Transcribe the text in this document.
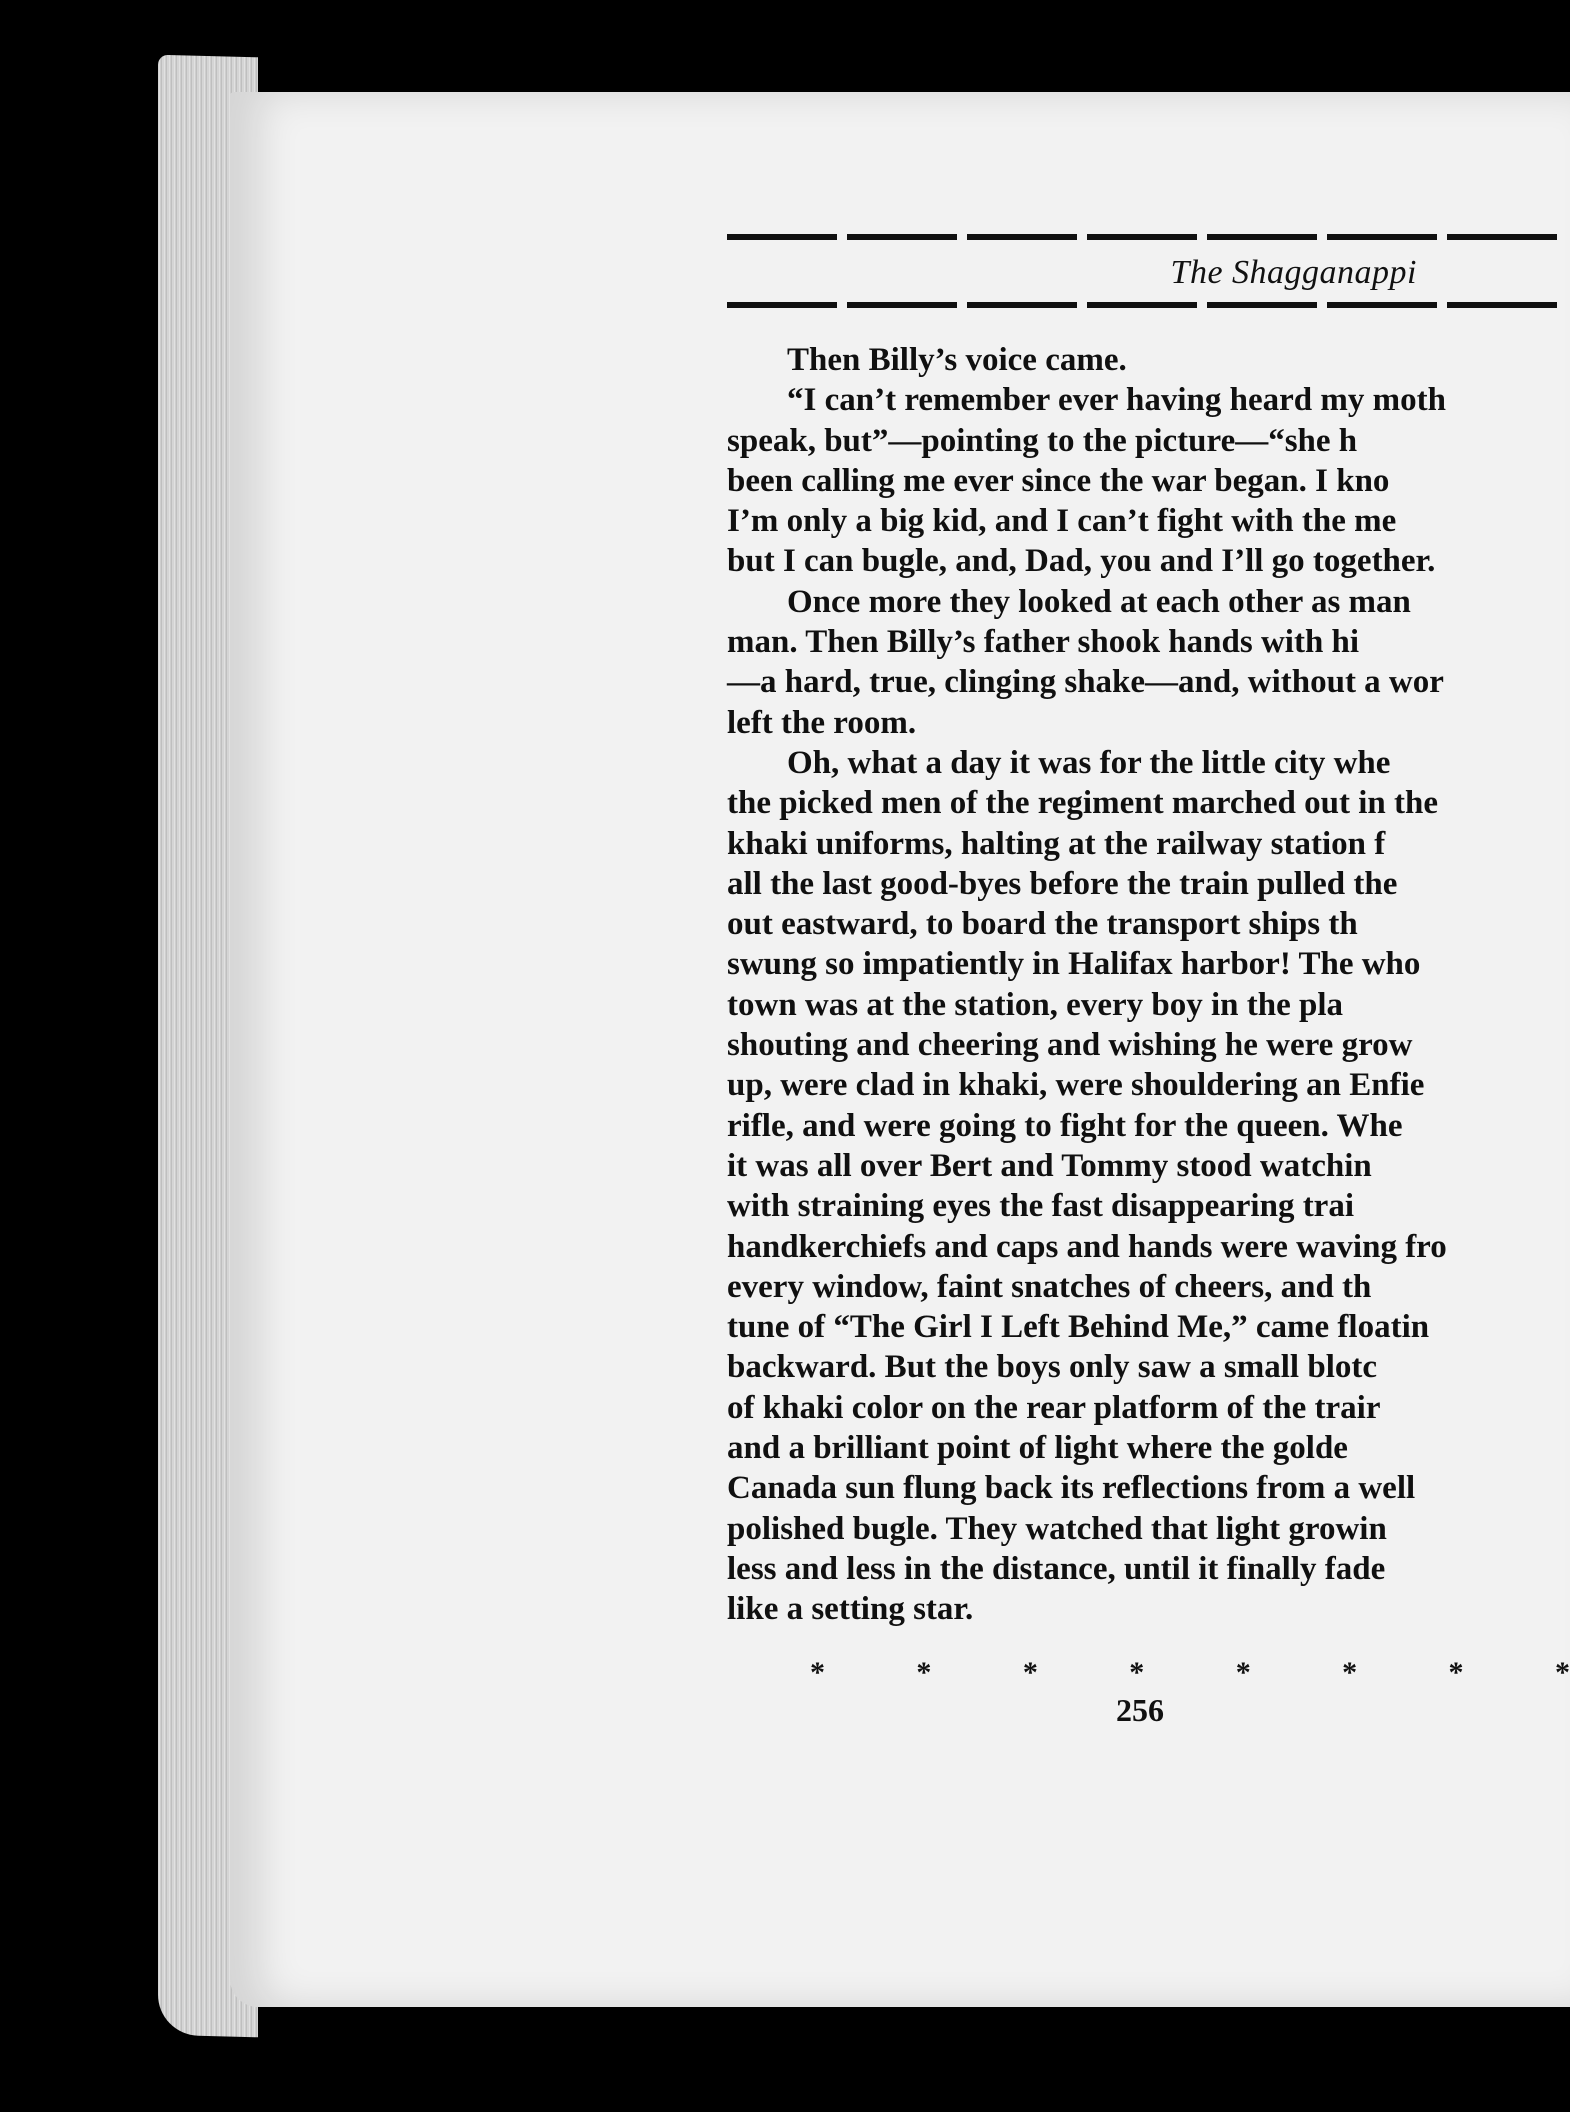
The Shagganappi
Then Billy’s voice came.
“I can’t remember ever having heard my moth
speak, but”—pointing to the picture—“she h
been calling me ever since the war began. I kno
I’m only a big kid, and I can’t fight with the me
but I can bugle, and, Dad, you and I’ll go together.
Once more they looked at each other as man
man. Then Billy’s father shook hands with hi
—a hard, true, clinging shake—and, without a wor
left the room.
Oh, what a day it was for the little city whe
the picked men of the regiment marched out in the
khaki uniforms, halting at the railway station f
all the last good-byes before the train pulled the
out eastward, to board the transport ships th
swung so impatiently in Halifax harbor! The who
town was at the station, every boy in the pla
shouting and cheering and wishing he were grow
up, were clad in khaki, were shouldering an Enfie
rifle, and were going to fight for the queen. Whe
it was all over Bert and Tommy stood watchin
with straining eyes the fast disappearing trai
handkerchiefs and caps and hands were waving fro
every window, faint snatches of cheers, and th
tune of “The Girl I Left Behind Me,” came floatin
backward. But the boys only saw a small blotc
of khaki color on the rear platform of the trair
and a brilliant point of light where the golde
Canada sun flung back its reflections from a well
polished bugle. They watched that light growin
less and less in the distance, until it finally fade
like a setting star.
*	*	*	*	*	*	*	*
256
